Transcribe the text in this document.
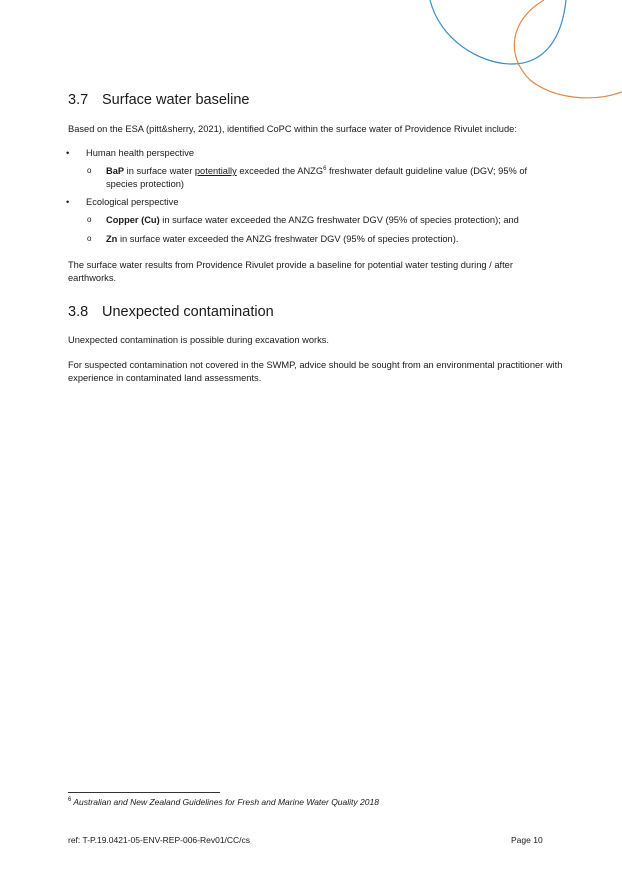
3.7 Surface water baseline
Based on the ESA (pitt&sherry, 2021), identified CoPC within the surface water of Providence Rivulet include:
• Human health perspective
o BaP in surface water potentially exceeded the ANZG$^6$ freshwater default guideline value (DGV; 95% of species protection)
• Ecological perspective
o Copper (Cu) in surface water exceeded the ANZG freshwater DGV (95% of species protection); and
o Zn in surface water exceeded the ANZG freshwater DGV (95% of species protection).
The surface water results from Providence Rivulet provide a baseline for potential water testing during / after earthworks.
3.8 Unexpected contamination
Unexpected contamination is possible during excavation works.
For suspected contamination not covered in the SWMP, advice should be sought from an environmental practitioner with experience in contaminated land assessments.
$^6$ Australian and New Zealand Guidelines for Fresh and Marine Water Quality 2018
ref: T-P.19.0421-05-ENV-REP-006-Rev01/CC/cs	Page 10
